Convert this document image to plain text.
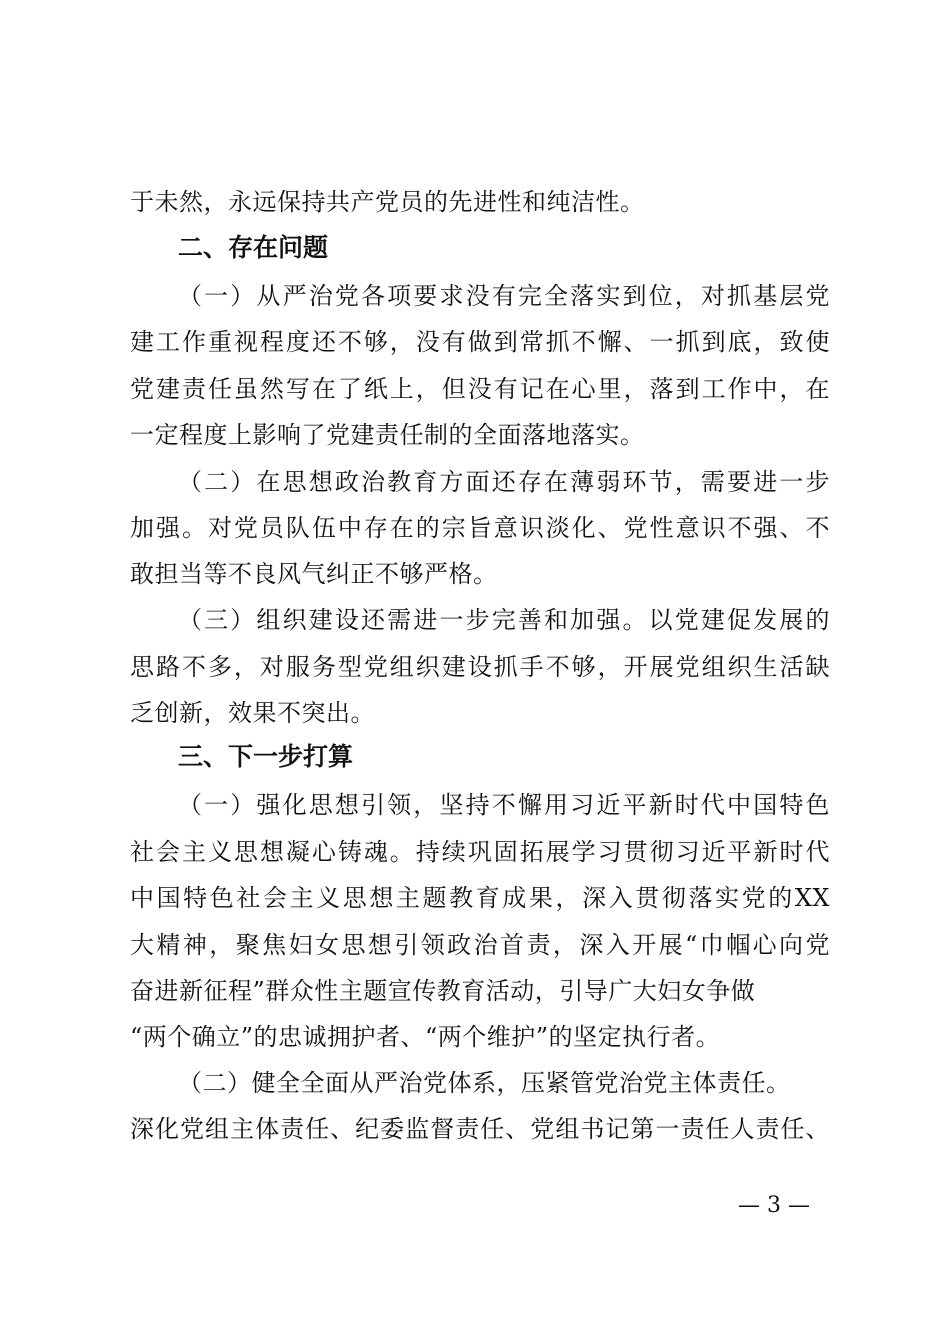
于未然，永远保持共产党员的先进性和纯洁性。
二、存在问题
（一）从严治党各项要求没有完全落实到位，对抓基层党
建工作重视程度还不够，没有做到常抓不懈、一抓到底，致使
党建责任虽然写在了纸上，但没有记在心里，落到工作中，在
一定程度上影响了党建责任制的全面落地落实。
（二）在思想政治教育方面还存在薄弱环节，需要进一步
加强。对党员队伍中存在的宗旨意识淡化、党性意识不强、不
敢担当等不良风气纠正不够严格。
（三）组织建设还需进一步完善和加强。以党建促发展的
思路不多，对服务型党组织建设抓手不够，开展党组织生活缺
乏创新，效果不突出。
三、下一步打算
（一）强化思想引领，坚持不懈用习近平新时代中国特色
社会主义思想凝心铸魂。持续巩固拓展学习贯彻习近平新时代
中国特色社会主义思想主题教育成果，深入贯彻落实党的XX
大精神，聚焦妇女思想引领政治首责，深入开展“巾帼心向党
奋进新征程”群众性主题宣传教育活动，引导广大妇女争做
“两个确立”的忠诚拥护者、“两个维护”的坚定执行者。
（二）健全全面从严治党体系，压紧管党治党主体责任。
深化党组主体责任、纪委监督责任、党组书记第一责任人责任、
— 3 —
